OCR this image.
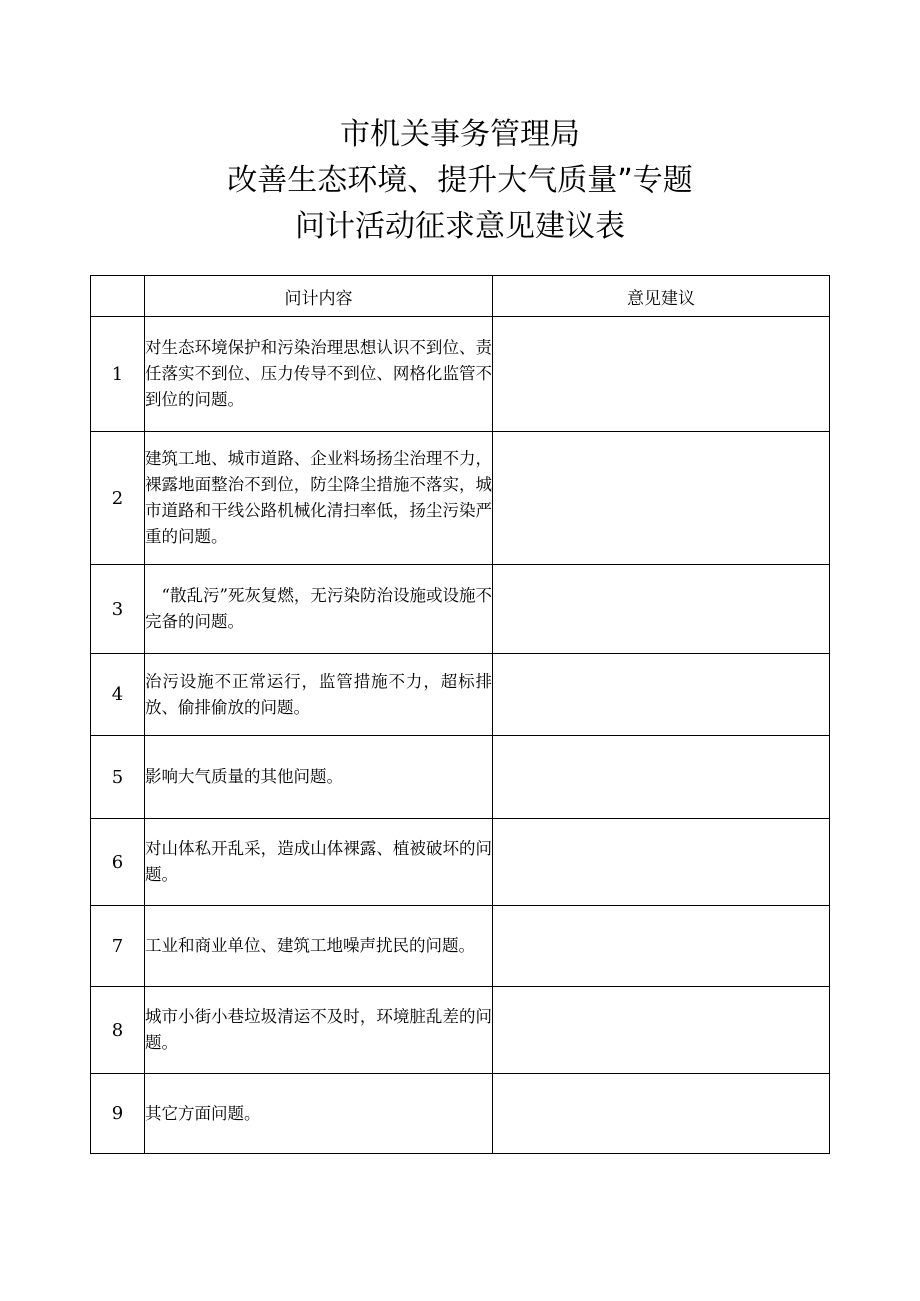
市机关事务管理局
改善生态环境、提升大气质量”专题
问计活动征求意见建议表
	问计内容	意见建议
1	对生态环境保护和污染治理思想认识不到位、责任落实不到位、压力传导不到位、网格化监管不到位的问题。	
2	建筑工地、城市道路、企业料场扬尘治理不力，裸露地面整治不到位，防尘降尘措施不落实，城市道路和干线公路机械化清扫率低，扬尘污染严重的问题。	
3	　“散乱污”死灰复燃，无污染防治设施或设施不完备的问题。	
4	治污设施不正常运行，监管措施不力，超标排放、偷排偷放的问题。	
5	影响大气质量的其他问题。	
6	对山体私开乱采，造成山体裸露、植被破坏的问题。	
7	工业和商业单位、建筑工地噪声扰民的问题。	
8	城市小街小巷垃圾清运不及时，环境脏乱差的问题。	
9	其它方面问题。	
